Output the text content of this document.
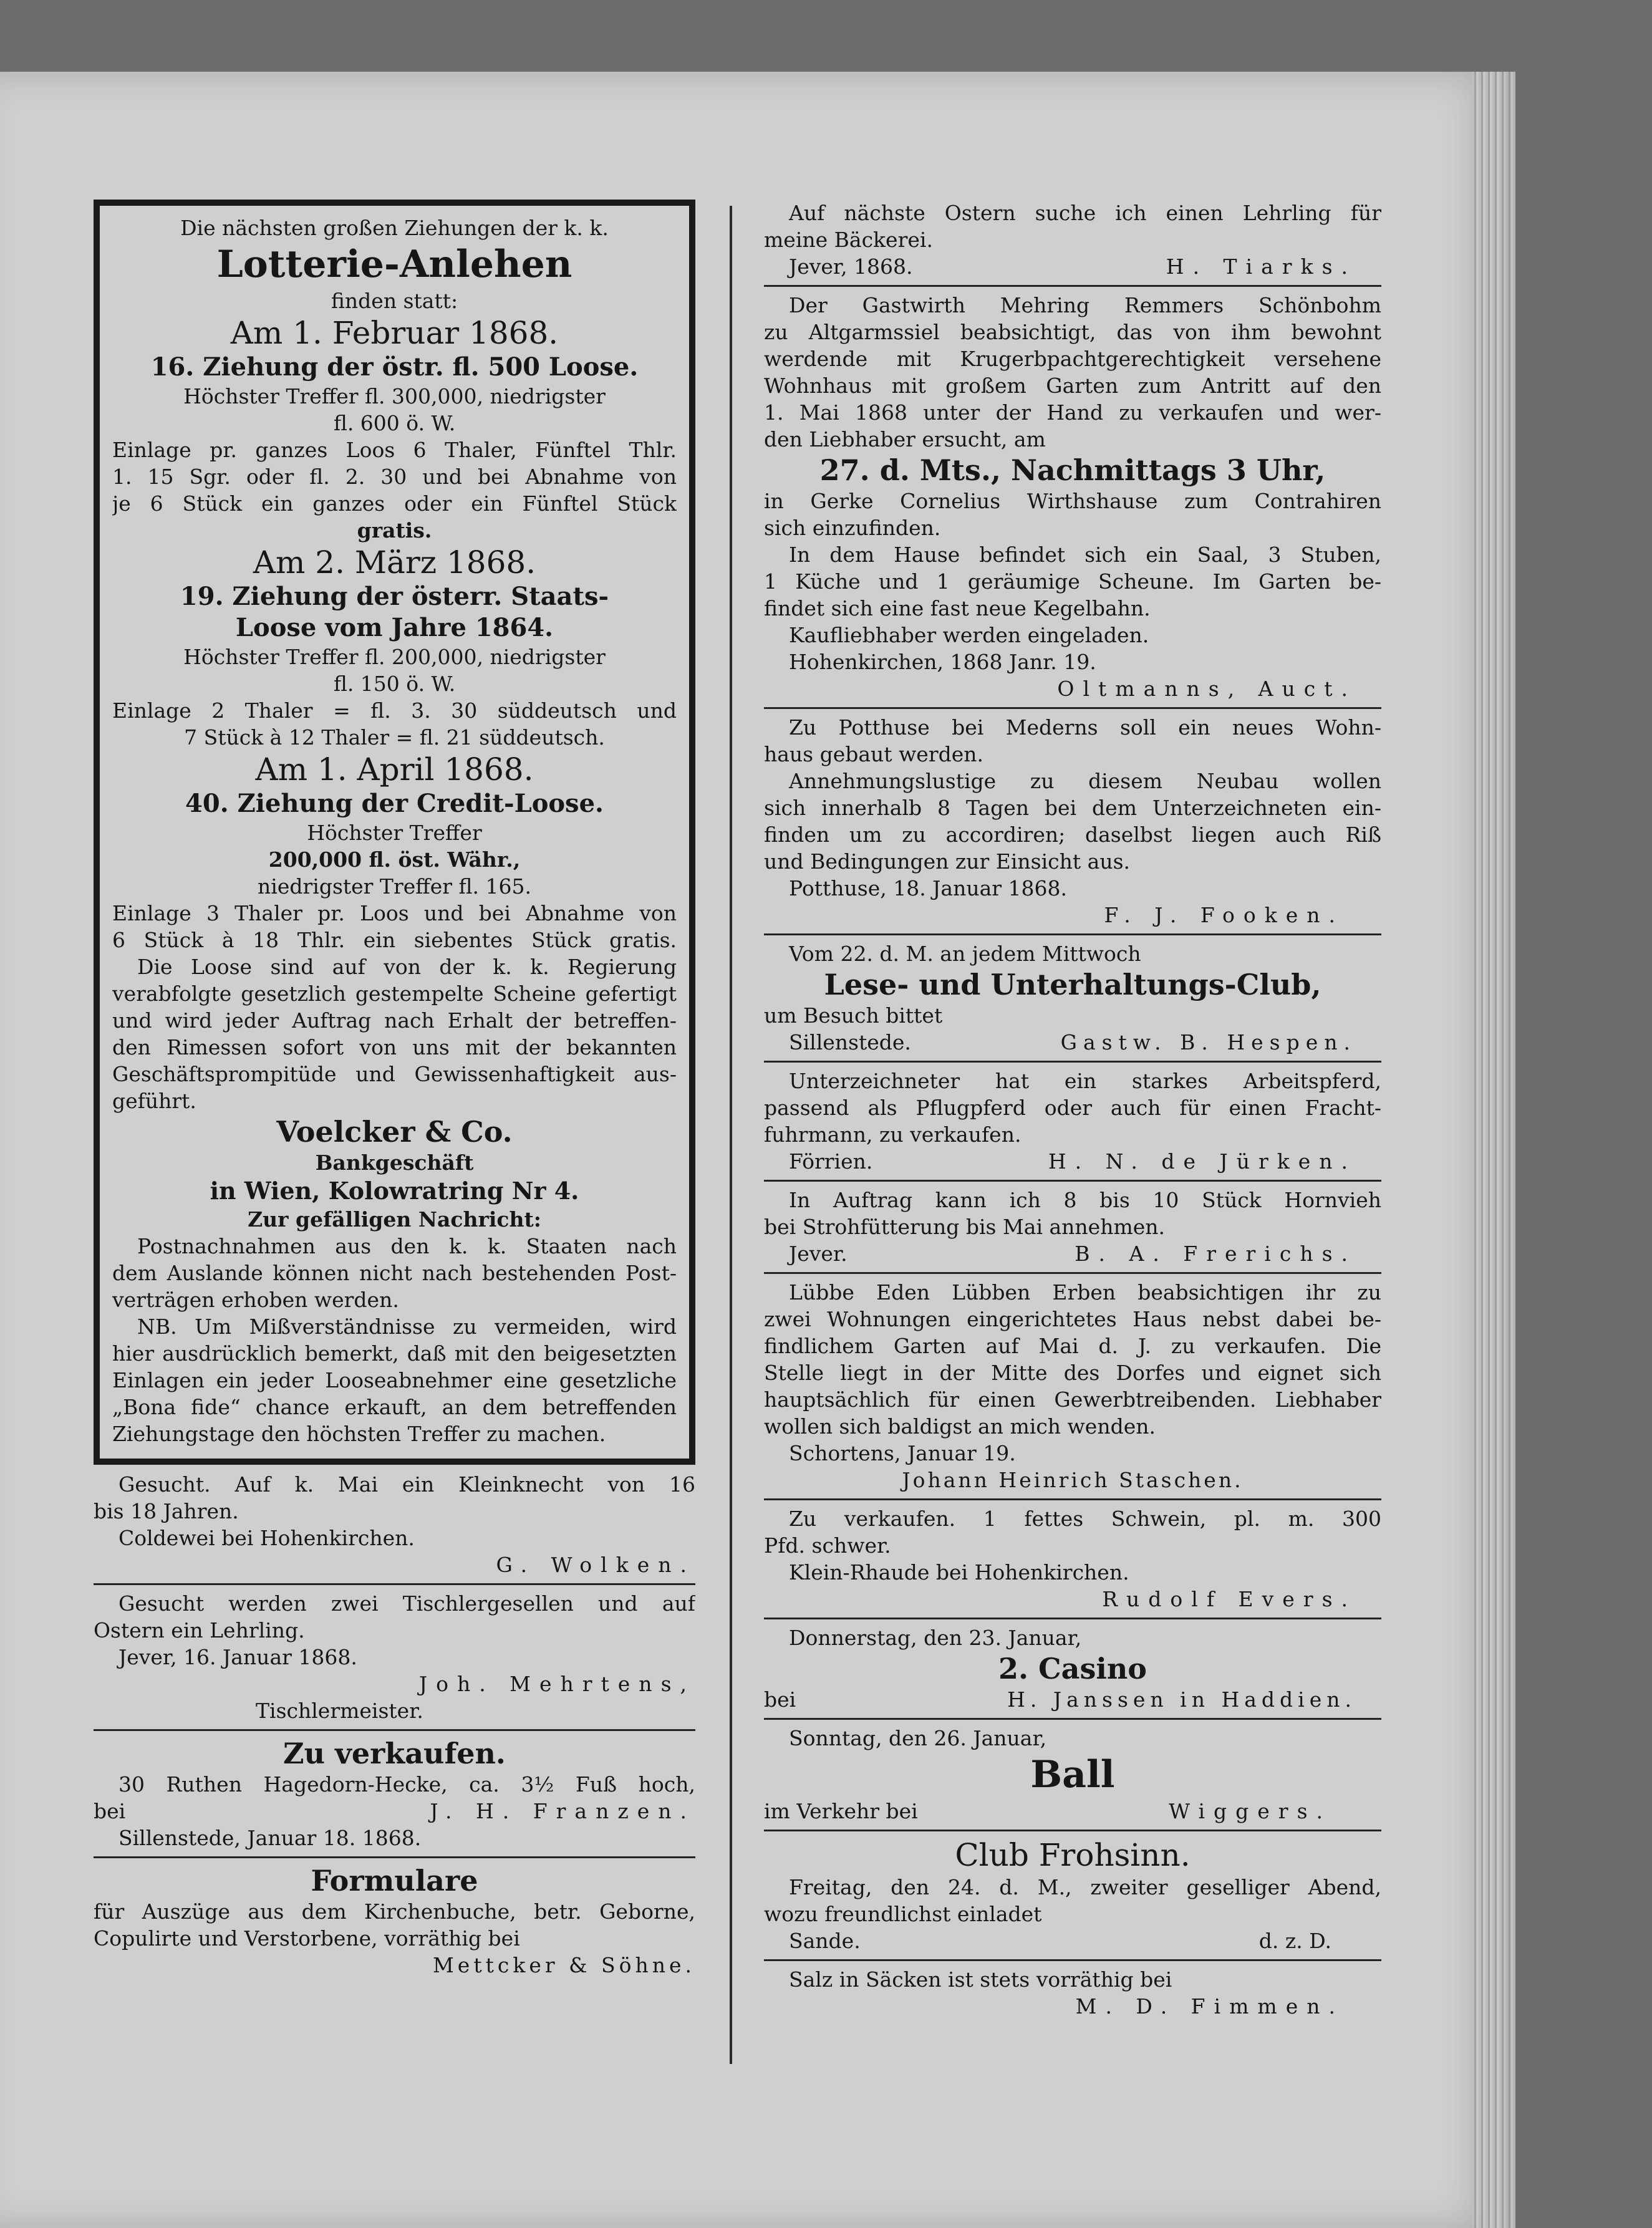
Die nächsten großen Ziehungen der k. k.
Lotterie-Anlehen
finden statt:
Am 1. Februar 1868.
16. Ziehung der östr. fl. 500 Loose.
Höchster Treffer fl. 300,000, niedrigster
fl. 600 ö. W.
Einlage pr. ganzes Loos 6 Thaler, Fünftel Thlr.
1. 15 Sgr. oder fl. 2. 30 und bei Abnahme von
je 6 Stück ein ganzes oder ein Fünftel Stück
gratis.
Am 2. März 1868.
19. Ziehung der österr. Staats-
Loose vom Jahre 1864.
Höchster Treffer fl. 200,000, niedrigster
fl. 150 ö. W.
Einlage 2 Thaler = fl. 3. 30 süddeutsch und
7 Stück à 12 Thaler = fl. 21 süddeutsch.
Am 1. April 1868.
40. Ziehung der Credit-Loose.
Höchster Treffer
200,000 fl. öst. Währ.,
niedrigster Treffer fl. 165.
Einlage 3 Thaler pr. Loos und bei Abnahme von
6 Stück à 18 Thlr. ein siebentes Stück gratis.
Die Loose sind auf von der k. k. Regierung
verabfolgte gesetzlich gestempelte Scheine gefertigt
und wird jeder Auftrag nach Erhalt der betreffen-
den Rimessen sofort von uns mit der bekannten
Geschäftsprompitüde und Gewissenhaftigkeit aus-
geführt.
Voelcker & Co.
Bankgeschäft
in Wien, Kolowratring Nr 4.
Zur gefälligen Nachricht:
Postnachnahmen aus den k. k. Staaten nach
dem Auslande können nicht nach bestehenden Post-
verträgen erhoben werden.
NB. Um Mißverständnisse zu vermeiden, wird
hier ausdrücklich bemerkt, daß mit den beigesetzten
Einlagen ein jeder Looseabnehmer eine gesetzliche
„Bona fide“ chance erkauft, an dem betreffenden
Ziehungstage den höchsten Treffer zu machen.
Gesucht. Auf k. Mai ein Kleinknecht von 16
bis 18 Jahren.
Coldewei bei Hohenkirchen.
G. Wolken.
Gesucht werden zwei Tischlergesellen und auf
Ostern ein Lehrling.
Jever, 16. Januar 1868.
Joh. Mehrtens,
Tischlermeister.
Zu verkaufen.
30 Ruthen Hagedorn-Hecke, ca. 3½ Fuß hoch,
bei	J. H. Franzen.
Sillenstede, Januar 18. 1868.
Formulare
für Auszüge aus dem Kirchenbuche, betr. Geborne,
Copulirte und Verstorbene, vorräthig bei
Mettcker & Söhne.
Auf nächste Ostern suche ich einen Lehrling für
meine Bäckerei.
Jever, 1868.	H. Tiarks.
Der Gastwirth Mehring Remmers Schönbohm
zu Altgarmssiel beabsichtigt, das von ihm bewohnt
werdende mit Krugerbpachtgerechtigkeit versehene
Wohnhaus mit großem Garten zum Antritt auf den
1. Mai 1868 unter der Hand zu verkaufen und wer-
den Liebhaber ersucht, am
27. d. Mts., Nachmittags 3 Uhr,
in Gerke Cornelius Wirthshause zum Contrahiren
sich einzufinden.
In dem Hause befindet sich ein Saal, 3 Stuben,
1 Küche und 1 geräumige Scheune. Im Garten be-
findet sich eine fast neue Kegelbahn.
Kaufliebhaber werden eingeladen.
Hohenkirchen, 1868 Janr. 19.
Oltmanns, Auct.
Zu Potthuse bei Mederns soll ein neues Wohn-
haus gebaut werden.
Annehmungslustige zu diesem Neubau wollen
sich innerhalb 8 Tagen bei dem Unterzeichneten ein-
finden um zu accordiren; daselbst liegen auch Riß
und Bedingungen zur Einsicht aus.
Potthuse, 18. Januar 1868.
F. J. Fooken.
Vom 22. d. M. an jedem Mittwoch
Lese- und Unterhaltungs-Club,
um Besuch bittet
Sillenstede.	Gastw. B. Hespen.
Unterzeichneter hat ein starkes Arbeitspferd,
passend als Pflugpferd oder auch für einen Fracht-
fuhrmann, zu verkaufen.
Förrien.	H. N. de Jürken.
In Auftrag kann ich 8 bis 10 Stück Hornvieh
bei Strohfütterung bis Mai annehmen.
Jever.	B. A. Frerichs.
Lübbe Eden Lübben Erben beabsichtigen ihr zu
zwei Wohnungen eingerichtetes Haus nebst dabei be-
findlichem Garten auf Mai d. J. zu verkaufen. Die
Stelle liegt in der Mitte des Dorfes und eignet sich
hauptsächlich für einen Gewerbtreibenden. Liebhaber
wollen sich baldigst an mich wenden.
Schortens, Januar 19.
Johann Heinrich Staschen.
Zu verkaufen. 1 fettes Schwein, pl. m. 300
Pfd. schwer.
Klein-Rhaude bei Hohenkirchen.
Rudolf Evers.
Donnerstag, den 23. Januar,
2. Casino
bei	H. Janssen in Haddien.
Sonntag, den 26. Januar,
Ball
im Verkehr bei	Wiggers.
Club Frohsinn.
Freitag, den 24. d. M., zweiter geselliger Abend,
wozu freundlichst einladet
Sande.	d. z. D.
Salz in Säcken ist stets vorräthig bei
M. D. Fimmen.
